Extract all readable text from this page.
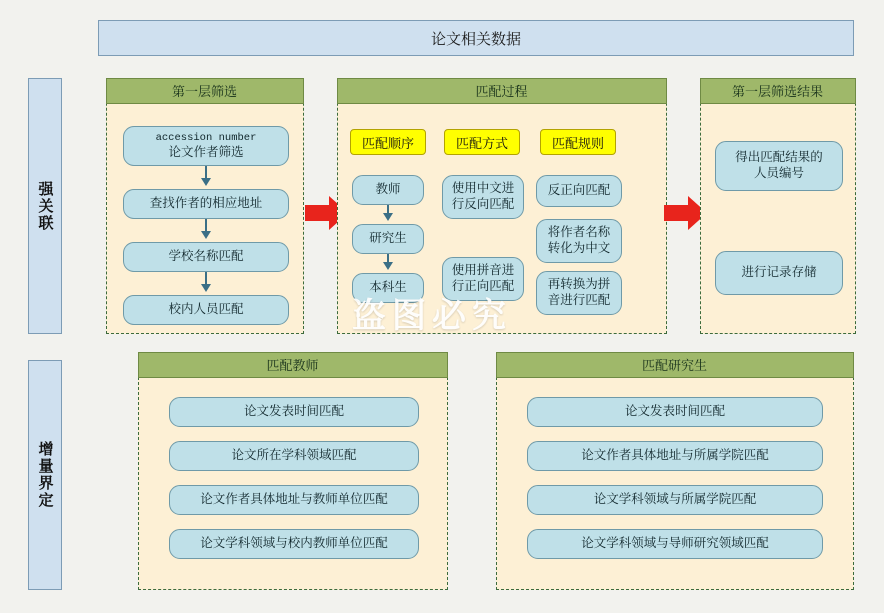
论文相关数据
强关联
增量界定
第一层筛选
accession number
论文作者筛选
查找作者的相应地址
学校名称匹配
校内人员匹配
匹配过程
匹配顺序
教师
研究生
本科生
匹配方式
使用中文进
行反向匹配
使用拼音进
行正向匹配
匹配规则
反正向匹配
将作者名称
转化为中文
再转换为拼
音进行匹配
第一层筛选结果
得出匹配结果的
人员编号
进行记录存储
匹配教师
论文发表时间匹配
论文所在学科领域匹配
论文作者具体地址与教师单位匹配
论文学科领域与校内教师单位匹配
匹配研究生
论文发表时间匹配
论文作者具体地址与所属学院匹配
论文学科领域与所属学院匹配
论文学科领域与导师研究领域匹配
盗图必究
